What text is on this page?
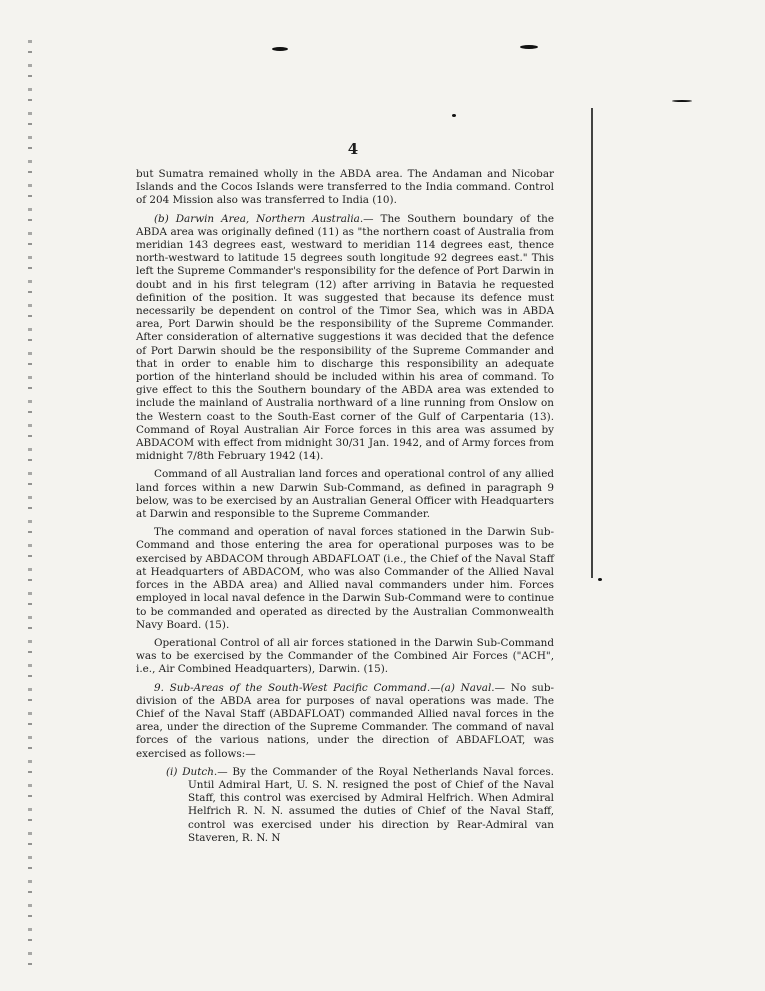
4

but Sumatra remained wholly in the ABDA area. The Andaman and Nicobar Islands and the Cocos Islands were transferred to the India command. Control of 204 Mission also was transferred to India (10).

(b) Darwin Area, Northern Australia.— The Southern boundary of the ABDA area was originally defined (11) as "the northern coast of Australia from meridian 143 degrees east, westward to meridian 114 degrees east, thence north-westward to latitude 15 degrees south longitude 92 degrees east." This left the Supreme Commander's responsibility for the defence of Port Darwin in doubt and in his first telegram (12) after arriving in Batavia he requested definition of the position. It was suggested that because its defence must necessarily be dependent on control of the Timor Sea, which was in ABDA area, Port Darwin should be the responsibility of the Supreme Commander. After consideration of alternative suggestions it was decided that the defence of Port Darwin should be the responsibility of the Supreme Commander and that in order to enable him to discharge this responsibility an adequate portion of the hinterland should be included within his area of command. To give effect to this the Southern boundary of the ABDA area was extended to include the mainland of Australia northward of a line running from Onslow on the Western coast to the South-East corner of the Gulf of Carpentaria (13). Command of Royal Australian Air Force forces in this area was assumed by ABDACOM with effect from midnight 30/31 Jan. 1942, and of Army forces from midnight 7/8th February 1942 (14).

Command of all Australian land forces and operational control of any allied land forces within a new Darwin Sub-Command, as defined in paragraph 9 below, was to be exercised by an Australian General Officer with Headquarters at Darwin and responsible to the Supreme Commander.

The command and operation of naval forces stationed in the Darwin Sub-Command and those entering the area for operational purposes was to be exercised by ABDACOM through ABDAFLOAT (i.e., the Chief of the Naval Staff at Headquarters of ABDACOM, who was also Commander of the Allied Naval forces in the ABDA area) and Allied naval commanders under him. Forces employed in local naval defence in the Darwin Sub-Command were to continue to be commanded and operated as directed by the Australian Commonwealth Navy Board. (15).

Operational Control of all air forces stationed in the Darwin Sub-Command was to be exercised by the Commander of the Combined Air Forces ("ACH", i.e., Air Combined Headquarters), Darwin. (15).

9. Sub-Areas of the South-West Pacific Command.—(a) Naval.— No sub-division of the ABDA area for purposes of naval operations was made. The Chief of the Naval Staff (ABDAFLOAT) commanded Allied naval forces in the area, under the direction of the Supreme Commander. The command of naval forces of the various nations, under the direction of ABDAFLOAT, was exercised as follows:—

(i) Dutch.— By the Commander of the Royal Netherlands Naval forces. Until Admiral Hart, U. S. N. resigned the post of Chief of the Naval Staff, this control was exercised by Admiral Helfrich. When Admiral Helfrich R. N. N. assumed the duties of Chief of the Naval Staff, control was exercised under his direction by Rear-Admiral van Staveren, R. N. N
